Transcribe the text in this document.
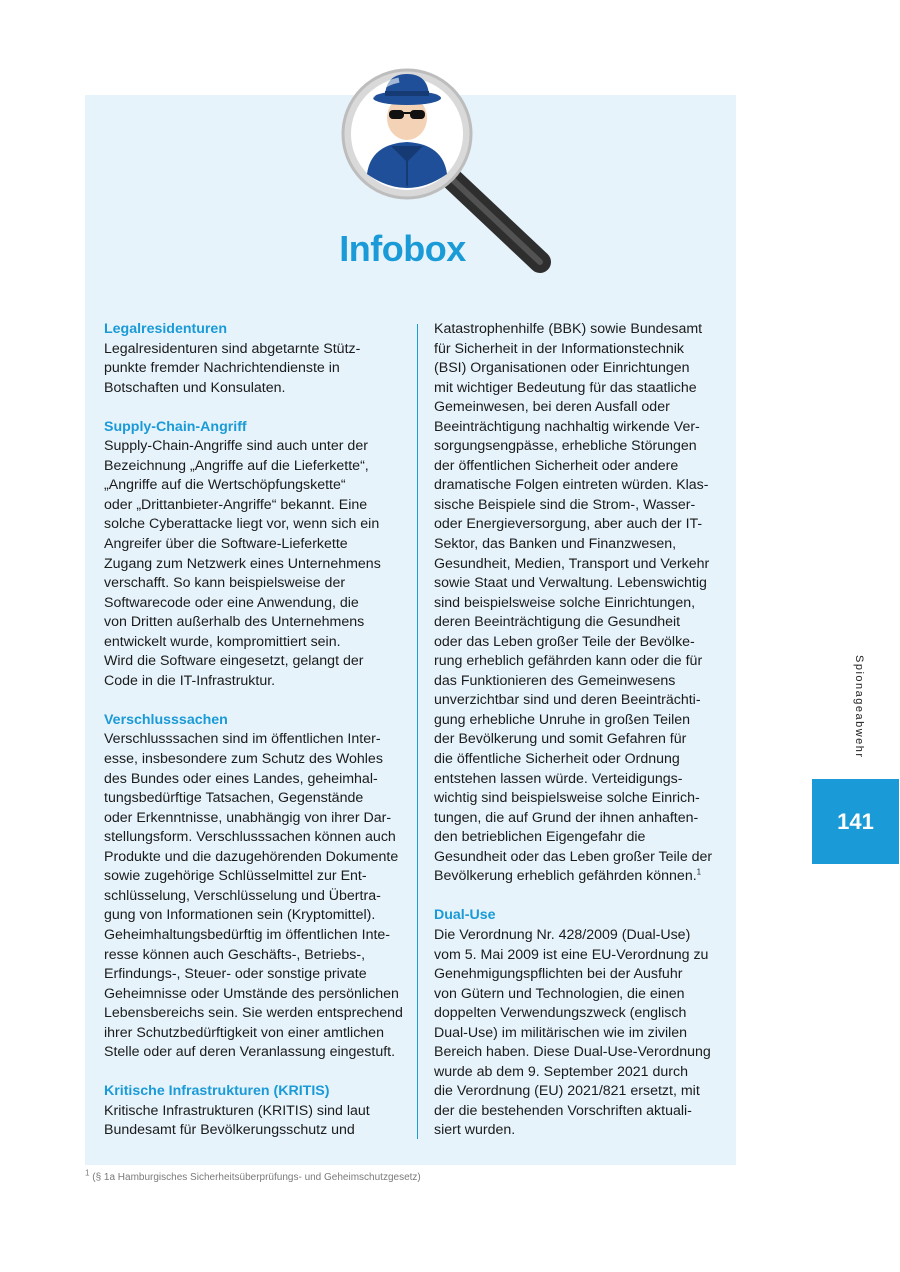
Infobox
Legalresidenturen
Legalresidenturen sind abgetarnte Stütz-
punkte fremder Nachrichtendienste in
Botschaften und Konsulaten.
Supply-Chain-Angriff
Supply-Chain-Angriffe sind auch unter der
Bezeichnung „Angriffe auf die Lieferkette“,
„Angriffe auf die Wertschöpfungskette“
oder „Drittanbieter-Angriffe“ bekannt. Eine
solche Cyberattacke liegt vor, wenn sich ein
Angreifer über die Software-Lieferkette
Zugang zum Netzwerk eines Unternehmens
verschafft. So kann beispielsweise der
Softwarecode oder eine Anwendung, die
von Dritten außerhalb des Unternehmens
entwickelt wurde, kompromittiert sein.
Wird die Software eingesetzt, gelangt der
Code in die IT-Infrastruktur.
Verschlusssachen
Verschlusssachen sind im öffentlichen Inter-
esse, insbesondere zum Schutz des Wohles
des Bundes oder eines Landes, geheimhal-
tungsbedürftige Tatsachen, Gegenstände
oder Erkenntnisse, unabhängig von ihrer Dar-
stellungsform. Verschlusssachen können auch
Produkte und die dazugehörenden Dokumente
sowie zugehörige Schlüsselmittel zur Ent-
schlüsselung, Verschlüsselung und Übertra-
gung von Informationen sein (Kryptomittel).
Geheimhaltungsbedürftig im öffentlichen Inte-
resse können auch Geschäfts-, Betriebs-,
Erfindungs-, Steuer- oder sonstige private
Geheimnisse oder Umstände des persönlichen
Lebensbereichs sein. Sie werden entsprechend
ihrer Schutzbedürftigkeit von einer amtlichen
Stelle oder auf deren Veranlassung eingestuft.
Kritische Infrastrukturen (KRITIS)
Kritische Infrastrukturen (KRITIS) sind laut
Bundesamt für Bevölkerungsschutz und
Katastrophenhilfe (BBK) sowie Bundesamt
für Sicherheit in der Informationstechnik
(BSI) Organisationen oder Einrichtungen
mit wichtiger Bedeutung für das staatliche
Gemeinwesen, bei deren Ausfall oder
Beeinträchtigung nachhaltig wirkende Ver-
sorgungsengpässe, erhebliche Störungen
der öffentlichen Sicherheit oder andere
dramatische Folgen eintreten würden. Klas-
sische Beispiele sind die Strom-, Wasser-
oder Energieversorgung, aber auch der IT-
Sektor, das Banken und Finanzwesen,
Gesundheit, Medien, Transport und Verkehr
sowie Staat und Verwaltung. Lebenswichtig
sind beispielsweise solche Einrichtungen,
deren Beeinträchtigung die Gesundheit
oder das Leben großer Teile der Bevölke-
rung erheblich gefährden kann oder die für
das Funktionieren des Gemeinwesens
unverzichtbar sind und deren Beeinträchti-
gung erhebliche Unruhe in großen Teilen
der Bevölkerung und somit Gefahren für
die öffentliche Sicherheit oder Ordnung
entstehen lassen würde. Verteidigungs-
wichtig sind beispielsweise solche Einrich-
tungen, die auf Grund der ihnen anhaften-
den betrieblichen Eigengefahr die
Gesundheit oder das Leben großer Teile der
Bevölkerung erheblich gefährden können.$^1$
Dual-Use
Die Verordnung Nr. 428/2009 (Dual-Use)
vom 5. Mai 2009 ist eine EU-Verordnung zu
Genehmigungspflichten bei der Ausfuhr
von Gütern und Technologien, die einen
doppelten Verwendungszweck (englisch
Dual-Use) im militärischen wie im zivilen
Bereich haben. Diese Dual-Use-Verordnung
wurde ab dem 9. September 2021 durch
die Verordnung (EU) 2021/821 ersetzt, mit
der die bestehenden Vorschriften aktuali-
siert wurden.
$^1$ (§ 1a Hamburgisches Sicherheitsüberprüfungs- und Geheimschutzgesetz)
Spionageabwehr
141
